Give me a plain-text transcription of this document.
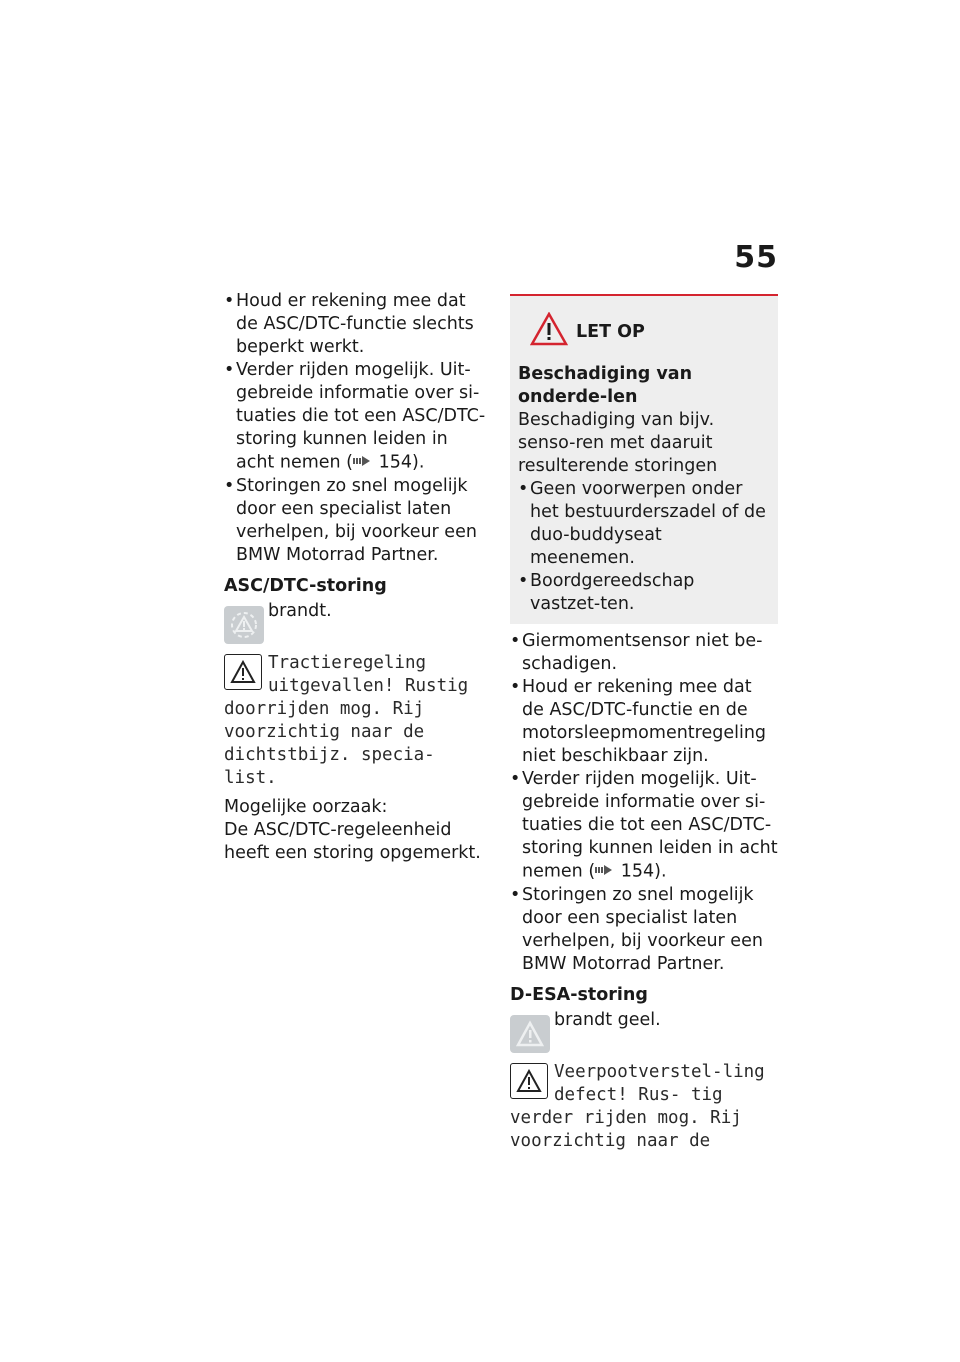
55
• Houd er rekening mee dat de ASC/DTC-functie slechts beperkt werkt.
• Verder rijden mogelijk. Uit-gebreide informatie over si-tuaties die tot een ASC/DTC-storing kunnen leiden in acht nemen ( 154).
• Storingen zo snel mogelijk door een specialist laten verhelpen, bij voorkeur een BMW Motorrad Partner.
ASC/DTC-storing
brandt.
Tractieregeling uitgevallen! Rustig doorrijden mog. Rij voorzichtig naar de dichtstbijz. specia-list.
Mogelijke oorzaak:
De ASC/DTC-regeleenheid heeft een storing opgemerkt.
LET OP
Beschadiging van onderde-len
Beschadiging van bijv. senso-ren met daaruit resulterende storingen
• Geen voorwerpen onder het bestuurderszadel of de duo-buddyseat meenemen.
• Boordgereedschap vastzet-ten.
• Giermomentsensor niet be-schadigen.
• Houd er rekening mee dat de ASC/DTC-functie en de motorsleepmomentregeling niet beschikbaar zijn.
• Verder rijden mogelijk. Uit-gebreide informatie over si-tuaties die tot een ASC/DTC-storing kunnen leiden in acht nemen ( 154).
• Storingen zo snel mogelijk door een specialist laten verhelpen, bij voorkeur een BMW Motorrad Partner.
D-ESA-storing
brandt geel.
Veerpootverstel-ling defect! Rus- tig verder rijden mog. Rij voorzichtig naar de
